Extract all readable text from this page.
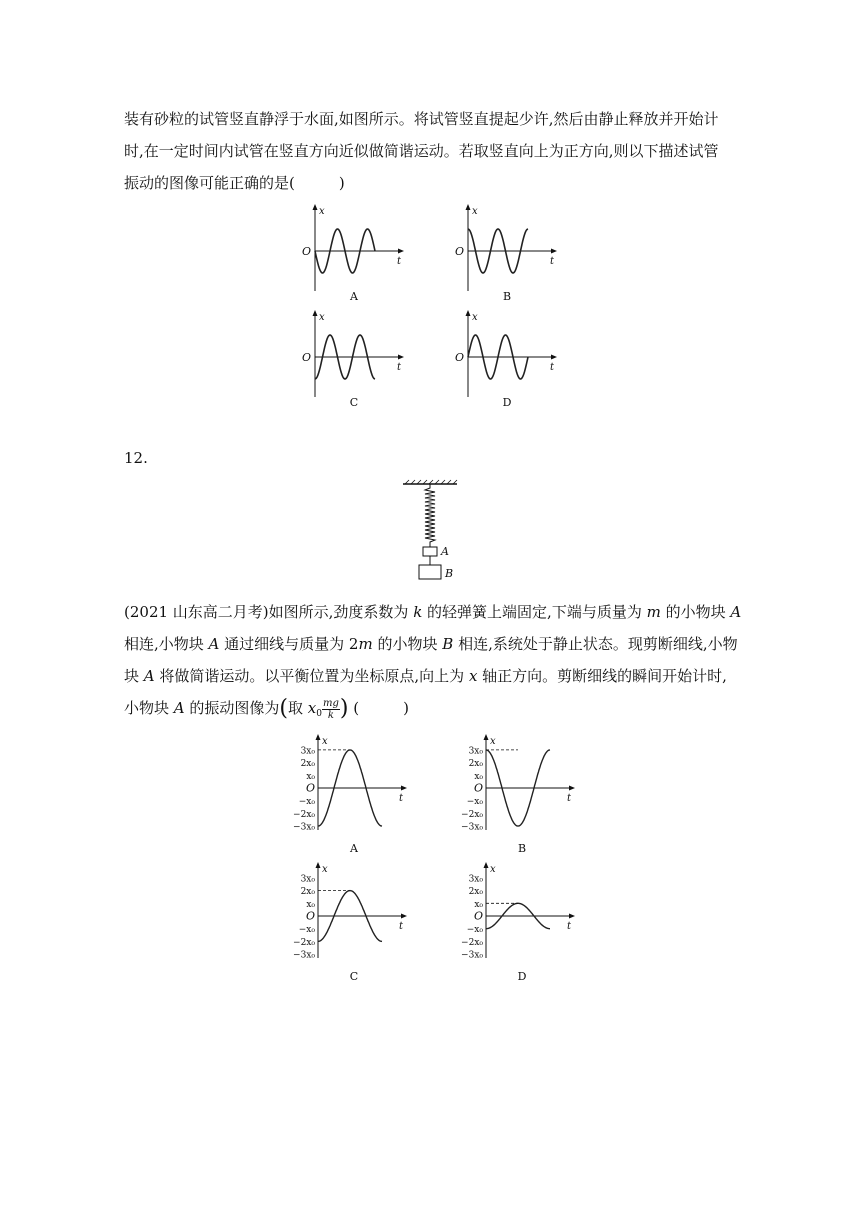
装有砂粒的试管竖直静浮于水面,如图所示。将试管竖直提起少许,然后由静止释放并开始计
时,在一定时间内试管在竖直方向近似做简谐运动。若取竖直向上为正方向,则以下描述试管
振动的图像可能正确的是(	)

x
t
O
A
x
t
O
B
x
t
O
C
x
t
O
D
12.
A
B

(2021 山东高二月考)如图所示,劲度系数为 k 的轻弹簧上端固定,下端与质量为 m 的小物块 A
相连,小物块 A 通过细线与质量为 2m 的小物块 B 相连,系统处于静止状态。现剪断细线,小物
块 A 将做简谐运动。以平衡位置为坐标原点,向上为 x 轴正方向。剪断细线的瞬间开始计时,
小物块 A 的振动图像为(取 $x_0 \frac{mg}{k}$ ) (	)

x
t
3x₀
2x₀
x₀
O
−x₀
−2x₀
−3x₀
A
x
t
3x₀
2x₀
x₀
O
−x₀
−2x₀
−3x₀
B
x
t
3x₀
2x₀
x₀
O
−x₀
−2x₀
−3x₀
C
x
t
3x₀
2x₀
x₀
O
−x₀
−2x₀
−3x₀
D
